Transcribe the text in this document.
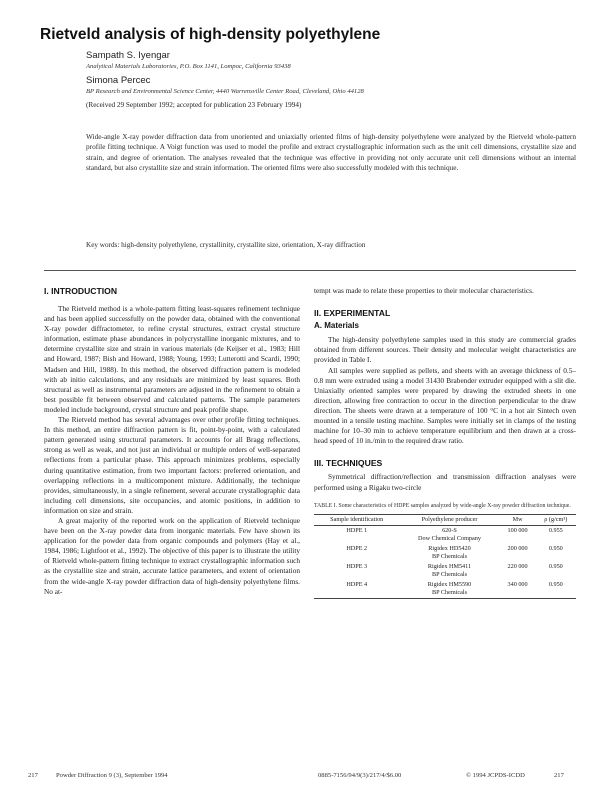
Rietveld analysis of high-density polyethylene
Sampath S. Iyengar
Analytical Materials Laboratories, P.O. Box 1141, Lompoc, California 93438
Simona Percec
BP Research and Environmental Science Center, 4440 Warrensville Center Road, Cleveland, Ohio 44128
(Received 29 September 1992; accepted for publication 23 February 1994)
Wide-angle X-ray powder diffraction data from unoriented and uniaxially oriented films of high-density polyethylene were analyzed by the Rietveld whole-pattern profile fitting technique. A Voigt function was used to model the profile and extract crystallographic information such as the unit cell dimensions, crystallite size and strain, and degree of orientation. The analyses revealed that the technique was effective in providing not only accurate unit cell dimensions without an internal standard, but also crystallite size and strain information. The oriented films were also successfully modeled with this technique.
Key words: high-density polyethylene, crystallinity, crystallite size, orientation, X-ray diffraction
I. INTRODUCTION

The Rietveld method is a whole-pattern fitting least-squares refinement technique and has been applied successfully on the powder data, obtained with the conventional X-ray powder diffractometer, to refine crystal structures, extract crystal structure information, estimate phase abundances in polycrystalline inorganic mixtures, and to determine crystallite size and strain in various materials (de Keijser et al., 1983; Hill and Howard, 1987; Bish and Howard, 1988; Young, 1993; Lutterotti and Scardi, 1990; Madsen and Hill, 1988). In this method, the observed diffraction pattern is modeled with ab initio calculations, and any residuals are minimized by least squares. Both structural as well as instrumental parameters are adjusted in the refinement to obtain a best possible fit between observed and calculated patterns. The sample parameters modeled include background, crystal structure and peak profile shape.

The Rietveld method has several advantages over other profile fitting techniques. In this method, an entire diffraction pattern is fit, point-by-point, with a calculated pattern generated using structural parameters. It accounts for all Bragg reflections, strong as well as weak, and not just an individual or multiple orders of well-separated reflections from a particular phase. This approach minimizes problems, especially during quantitative estimation, from two important factors: preferred orientation, and overlapping reflections in a multicomponent mixture. Additionally, the technique provides, simultaneously, in a single refinement, several accurate crystallographic data including cell dimensions, site occupancies, and atomic positions, in addition to information on size and strain.

A great majority of the reported work on the application of Rietveld technique have been on the X-ray powder data from inorganic materials. Few have shown its application for the powder data from organic compounds and polymers (Hay et al., 1984, 1986; Lightfoot et al., 1992). The objective of this paper is to illustrate the utility of Rietveld whole-pattern fitting technique to extract crystallographic information such as the crystallite size and strain, accurate lattice parameters, and extent of orientation from the wide-angle X-ray powder diffraction data of high-density polyethylene films. No at-

tempt was made to relate these properties to their molecular characteristics.

II. EXPERIMENTAL
A. Materials

The high-density polyethylene samples used in this study are commercial grades obtained from different sources. Their density and molecular weight characteristics are provided in Table I.

All samples were supplied as pellets, and sheets with an average thickness of 0.5–0.8 mm were extruded using a model 31430 Brabender extruder equipped with a slit die. Uniaxially oriented samples were prepared by drawing the extruded sheets in one direction, allowing free contraction to occur in the direction perpendicular to the draw direction. The sheets were drawn at a temperature of 100 °C in a hot air Sintech oven mounted in a tensile testing machine. Samples were initially set in clamps of the testing machine for 10–30 min to achieve temperature equilibrium and then drawn at a cross-head speed of 10 in./min to the required draw ratio.

III. TECHNIQUES

Symmetrical diffraction/reflection and transmission diffraction analyses were performed using a Rigaku two-circle

TABLE I. Some characteristics of HDPE samples analyzed by wide-angle X-ray powder diffraction technique.
Sample identification	Polyethylene producer	Mw	ρ (g/cm³)
HDPE 1	620-S
Dow Chemical Company	100 000	0.955
HDPE 2	Rigidex HD5420
BP Chemicals	200 000	0.950
HDPE 3	Rigidex HM5411
BP Chemicals	220 000	0.950
HDPE 4	Rigidex HM5590
BP Chemicals	340 000	0.950
217	Powder Diffraction 9 (3), September 1994	0885-7156/94/9(3)/217/4/$6.00	© 1994 JCPDS-ICDD	217
